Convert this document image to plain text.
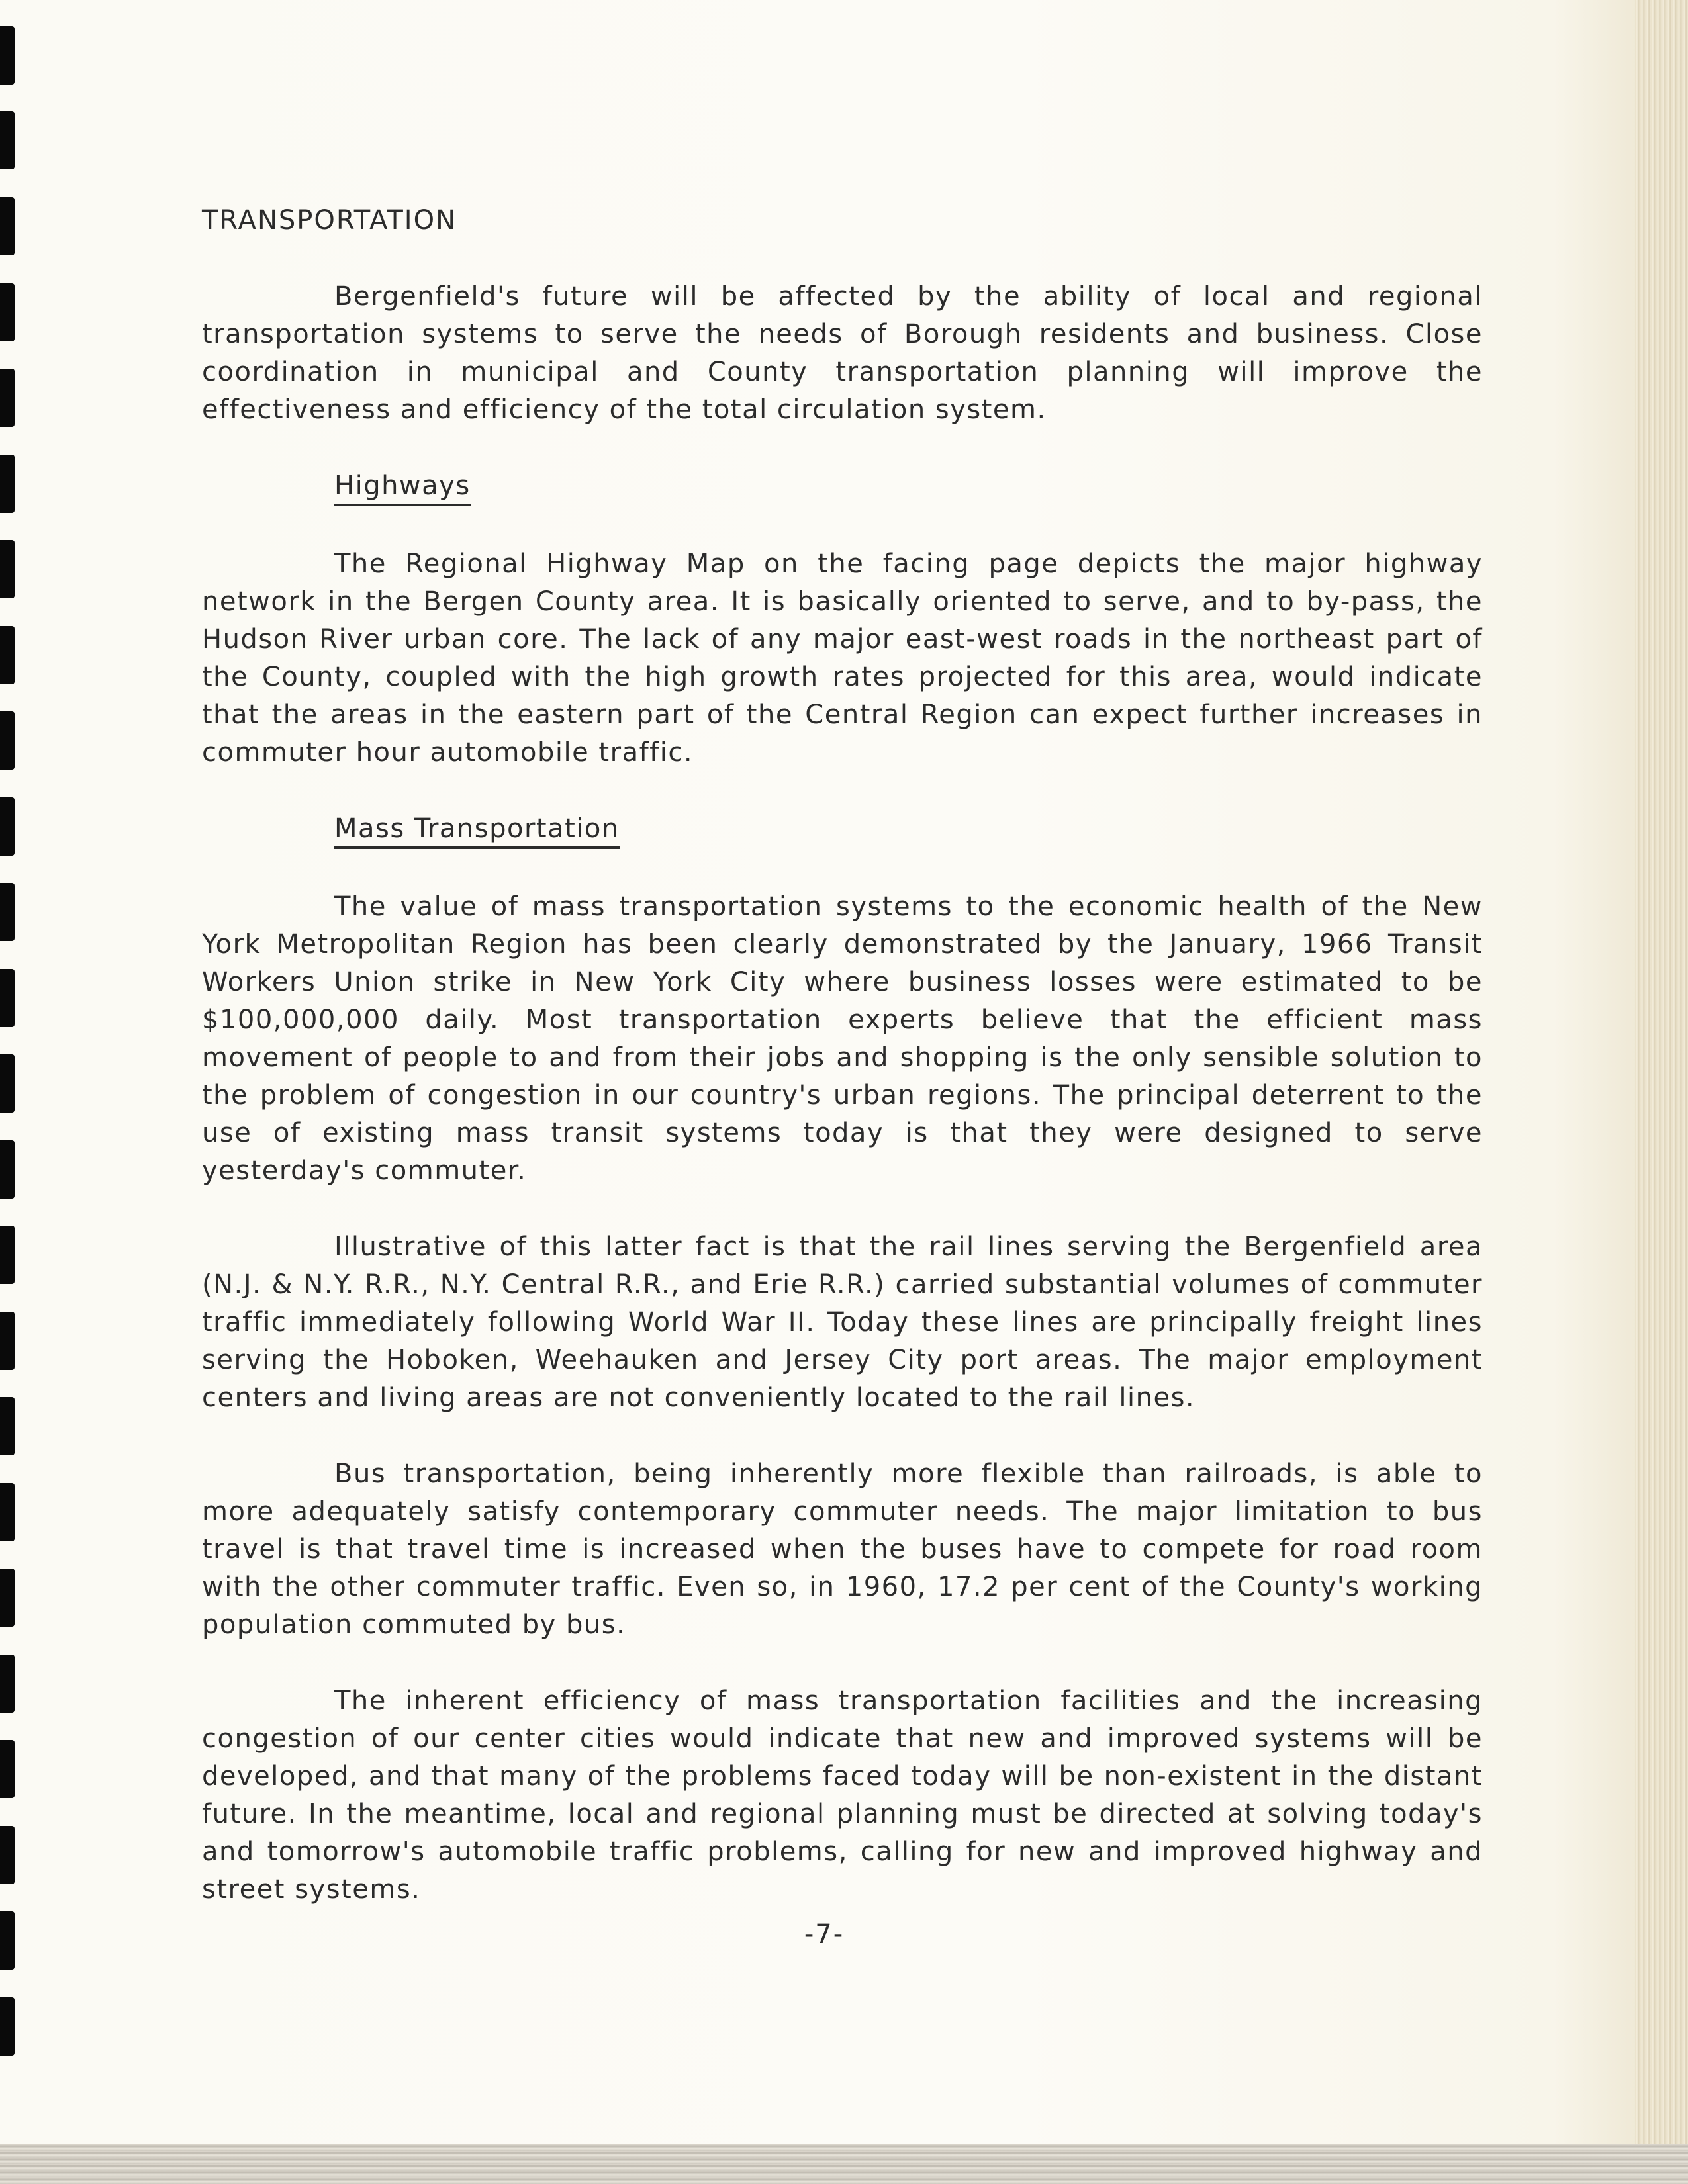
TRANSPORTATION

Bergenfield's future will be affected by the ability of local and regional transportation systems to serve the needs of Borough residents and business. Close coordination in municipal and County transportation planning will improve the effectiveness and efficiency of the total circulation system.

Highways

The Regional Highway Map on the facing page depicts the major highway network in the Bergen County area. It is basically oriented to serve, and to by-pass, the Hudson River urban core. The lack of any major east-west roads in the northeast part of the County, coupled with the high growth rates projected for this area, would indicate that the areas in the eastern part of the Central Region can expect further increases in commuter hour automobile traffic.

Mass Transportation

The value of mass transportation systems to the economic health of the New York Metropolitan Region has been clearly demonstrated by the January, 1966 Transit Workers Union strike in New York City where business losses were estimated to be $100,000,000 daily. Most transportation experts believe that the efficient mass movement of people to and from their jobs and shopping is the only sensible solution to the problem of congestion in our country's urban regions. The principal deterrent to the use of existing mass transit systems today is that they were designed to serve yesterday's commuter.

Illustrative of this latter fact is that the rail lines serving the Bergenfield area (N.J. & N.Y. R.R., N.Y. Central R.R., and Erie R.R.) carried substantial volumes of commuter traffic immediately following World War II. Today these lines are principally freight lines serving the Hoboken, Weehauken and Jersey City port areas. The major employment centers and living areas are not conveniently located to the rail lines.

Bus transportation, being inherently more flexible than railroads, is able to more adequately satisfy contemporary commuter needs. The major limitation to bus travel is that travel time is increased when the buses have to compete for road room with the other commuter traffic. Even so, in 1960, 17.2 per cent of the County's working population commuted by bus.

The inherent efficiency of mass transportation facilities and the increasing congestion of our center cities would indicate that new and improved systems will be developed, and that many of the problems faced today will be non-existent in the distant future. In the meantime, local and regional planning must be directed at solving today's and tomorrow's automobile traffic problems, calling for new and improved highway and street systems.

-7-
